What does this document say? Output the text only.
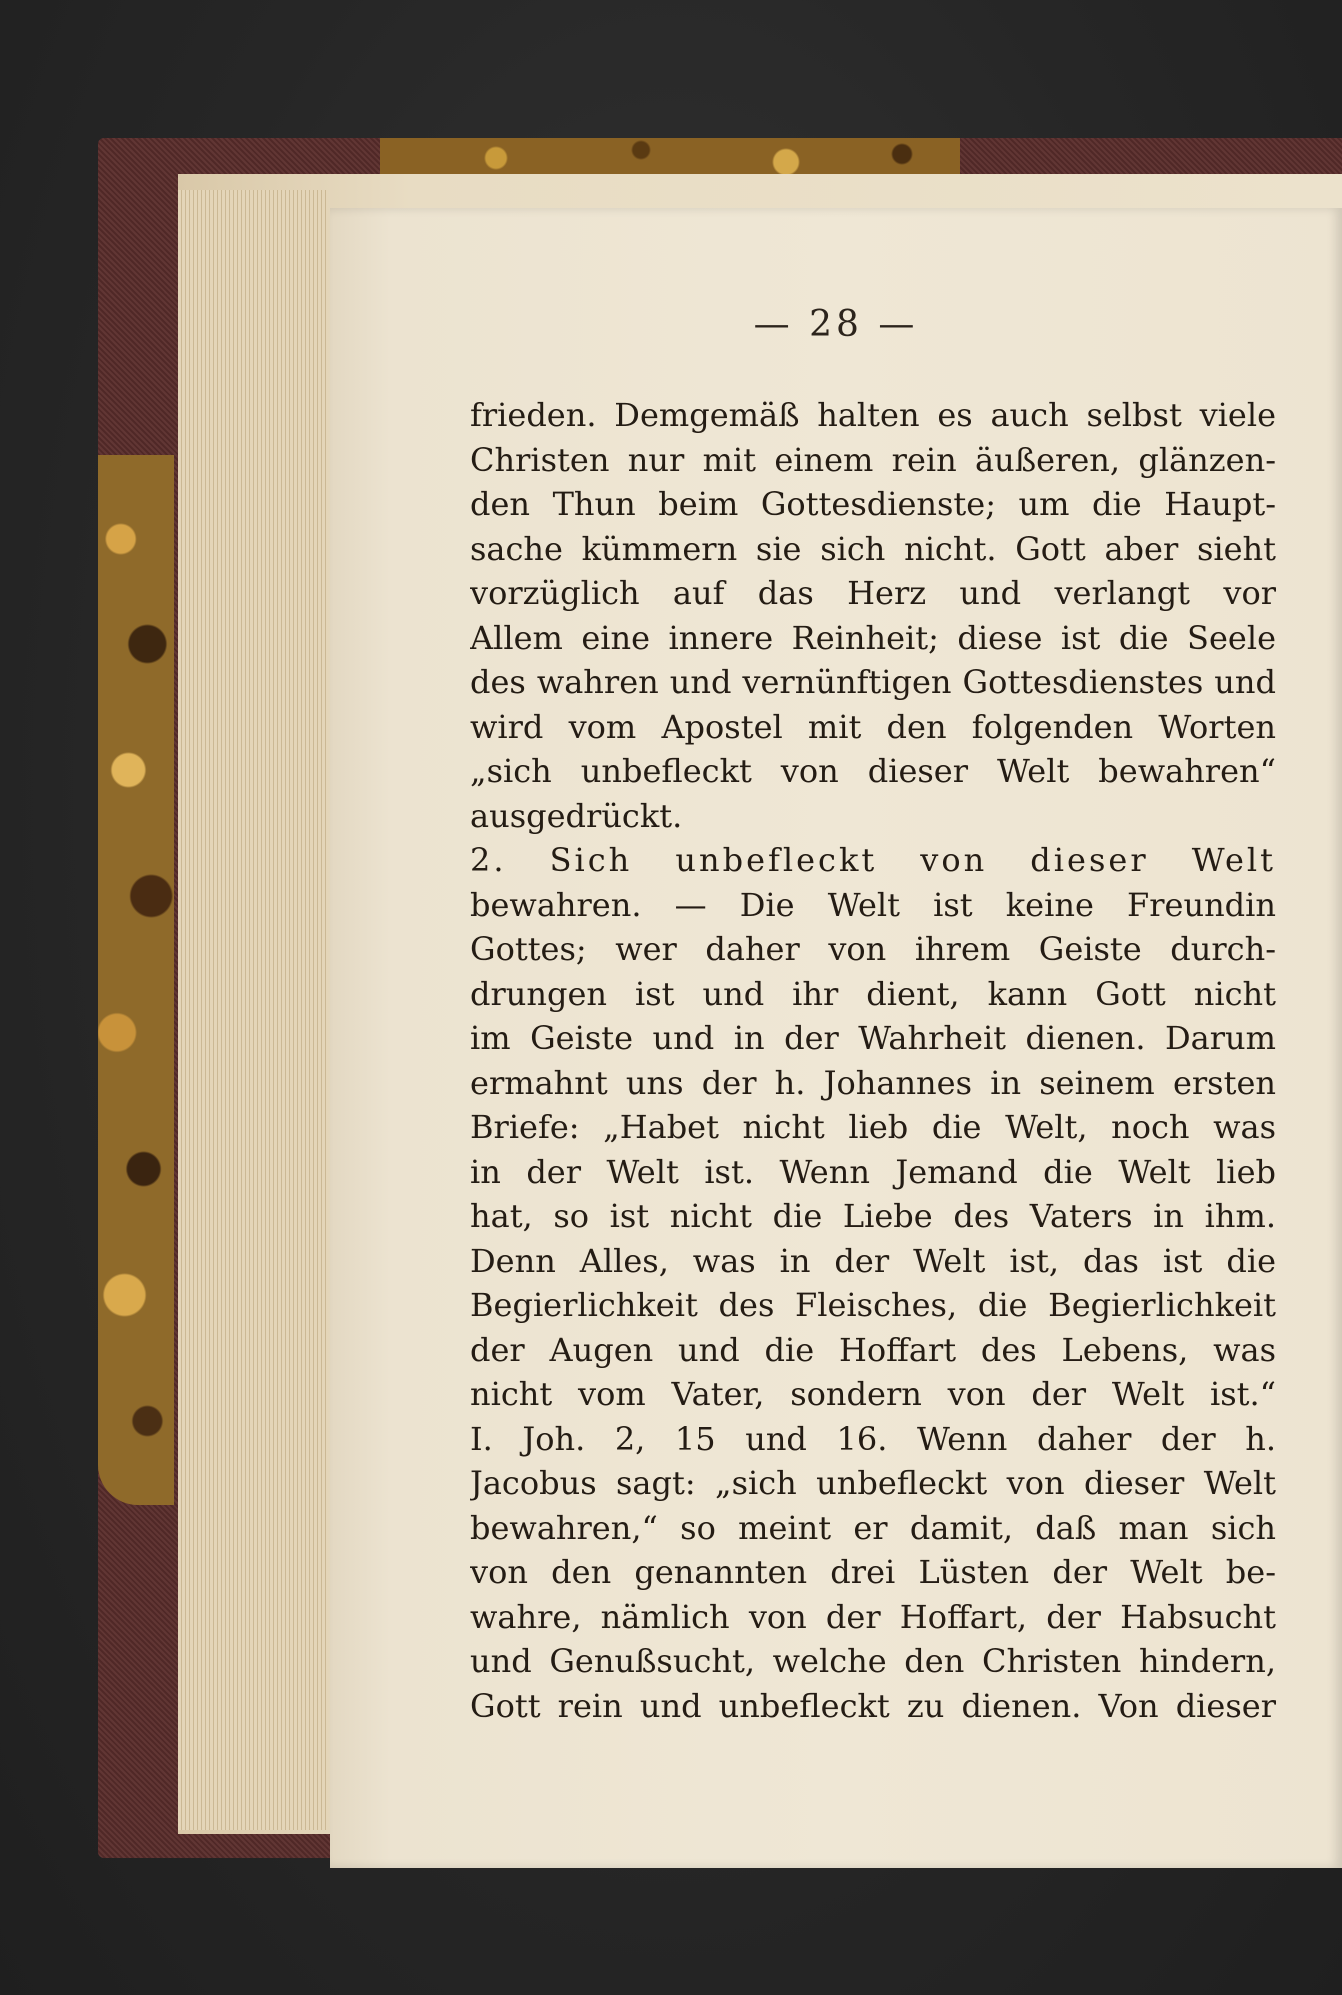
— 28 —
frieden. Demgemäß halten es auch selbst viele
Christen nur mit einem rein äußeren, glänzen-
den Thun beim Gottesdienste; um die Haupt-
sache kümmern sie sich nicht. Gott aber sieht
vorzüglich auf das Herz und verlangt vor
Allem eine innere Reinheit; diese ist die Seele
des wahren und vernünftigen Gottesdienstes und
wird vom Apostel mit den folgenden Worten
„sich unbefleckt von dieser Welt bewahren“
ausgedrückt.
2. Sich unbefleckt von dieser Welt
bewahren. — Die Welt ist keine Freundin
Gottes; wer daher von ihrem Geiste durch-
drungen ist und ihr dient, kann Gott nicht
im Geiste und in der Wahrheit dienen. Darum
ermahnt uns der h. Johannes in seinem ersten
Briefe: „Habet nicht lieb die Welt, noch was
in der Welt ist. Wenn Jemand die Welt lieb
hat, so ist nicht die Liebe des Vaters in ihm.
Denn Alles, was in der Welt ist, das ist die
Begierlichkeit des Fleisches, die Begierlichkeit
der Augen und die Hoffart des Lebens, was
nicht vom Vater, sondern von der Welt ist.“
I. Joh. 2, 15 und 16. Wenn daher der h.
Jacobus sagt: „sich unbefleckt von dieser Welt
bewahren,“ so meint er damit, daß man sich
von den genannten drei Lüsten der Welt be-
wahre, nämlich von der Hoffart, der Habsucht
und Genußsucht, welche den Christen hindern,
Gott rein und unbefleckt zu dienen. Von dieser
